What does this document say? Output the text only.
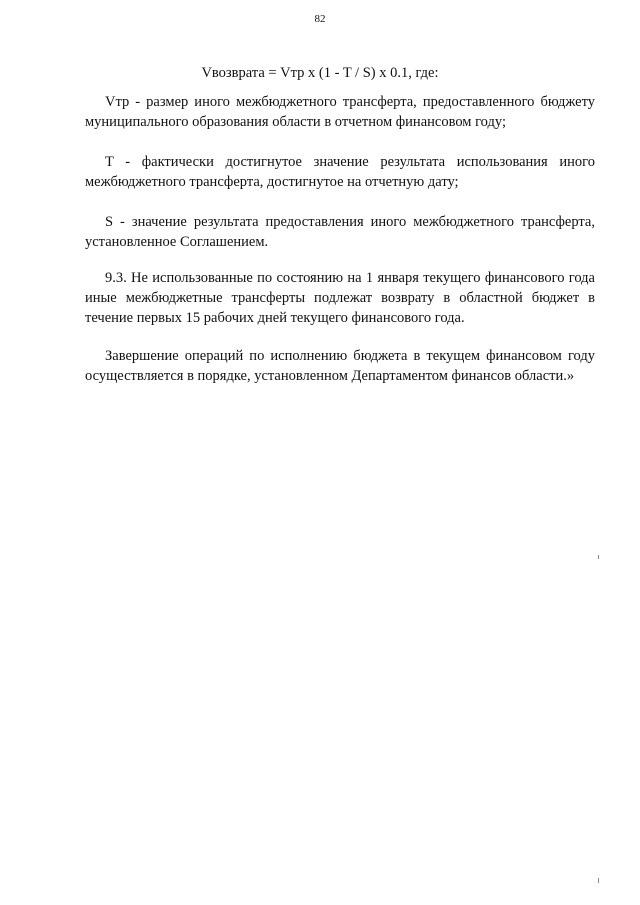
82
Vвозврата = Vтр x (1 - T / S) x 0.1, где:

Vтр - размер иного межбюджетного трансферта, предоставленного бюджету муниципального образования области в отчетном финансовом году;

T - фактически достигнутое значение результата использования иного межбюджетного трансферта, достигнутое на отчетную дату;

S - значение результата предоставления иного межбюджетного трансферта, установленное Соглашением.

9.3. Не использованные по состоянию на 1 января текущего финансового года иные межбюджетные трансферты подлежат возврату в областной бюджет в течение первых 15 рабочих дней текущего финансового года.

Завершение операций по исполнению бюджета в текущем финансовом году осуществляется в порядке, установленном Департаментом финансов области.»
